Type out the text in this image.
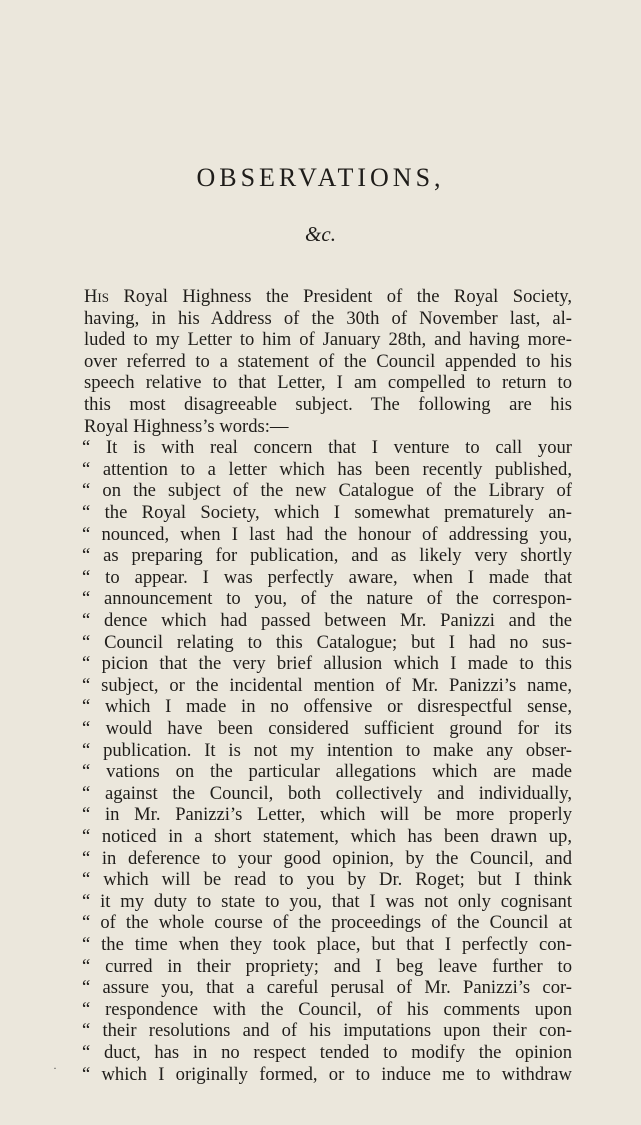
OBSERVATIONS,
&c.
His Royal Highness the President of the Royal Society,
having, in his Address of the 30th of November last, al-
luded to my Letter to him of January 28th, and having more-
over referred to a statement of the Council appended to his
speech relative to that Letter, I am compelled to return to
this most disagreeable subject. The following are his
Royal Highness’s words:—
“ It is with real concern that I venture to call your
“ attention to a letter which has been recently published,
“ on the subject of the new Catalogue of the Library of
“ the Royal Society, which I somewhat prematurely an-
“ nounced, when I last had the honour of addressing you,
“ as preparing for publication, and as likely very shortly
“ to appear. I was perfectly aware, when I made that
“ announcement to you, of the nature of the correspon-
“ dence which had passed between Mr. Panizzi and the
“ Council relating to this Catalogue; but I had no sus-
“ picion that the very brief allusion which I made to this
“ subject, or the incidental mention of Mr. Panizzi’s name,
“ which I made in no offensive or disrespectful sense,
“ would have been considered sufficient ground for its
“ publication. It is not my intention to make any obser-
“ vations on the particular allegations which are made
“ against the Council, both collectively and individually,
“ in Mr. Panizzi’s Letter, which will be more properly
“ noticed in a short statement, which has been drawn up,
“ in deference to your good opinion, by the Council, and
“ which will be read to you by Dr. Roget; but I think
“ it my duty to state to you, that I was not only cognisant
“ of the whole course of the proceedings of the Council at
“ the time when they took place, but that I perfectly con-
“ curred in their propriety; and I beg leave further to
“ assure you, that a careful perusal of Mr. Panizzi’s cor-
“ respondence with the Council, of his comments upon
“ their resolutions and of his imputations upon their con-
“ duct, has in no respect tended to modify the opinion
“ which I originally formed, or to induce me to withdraw
·
